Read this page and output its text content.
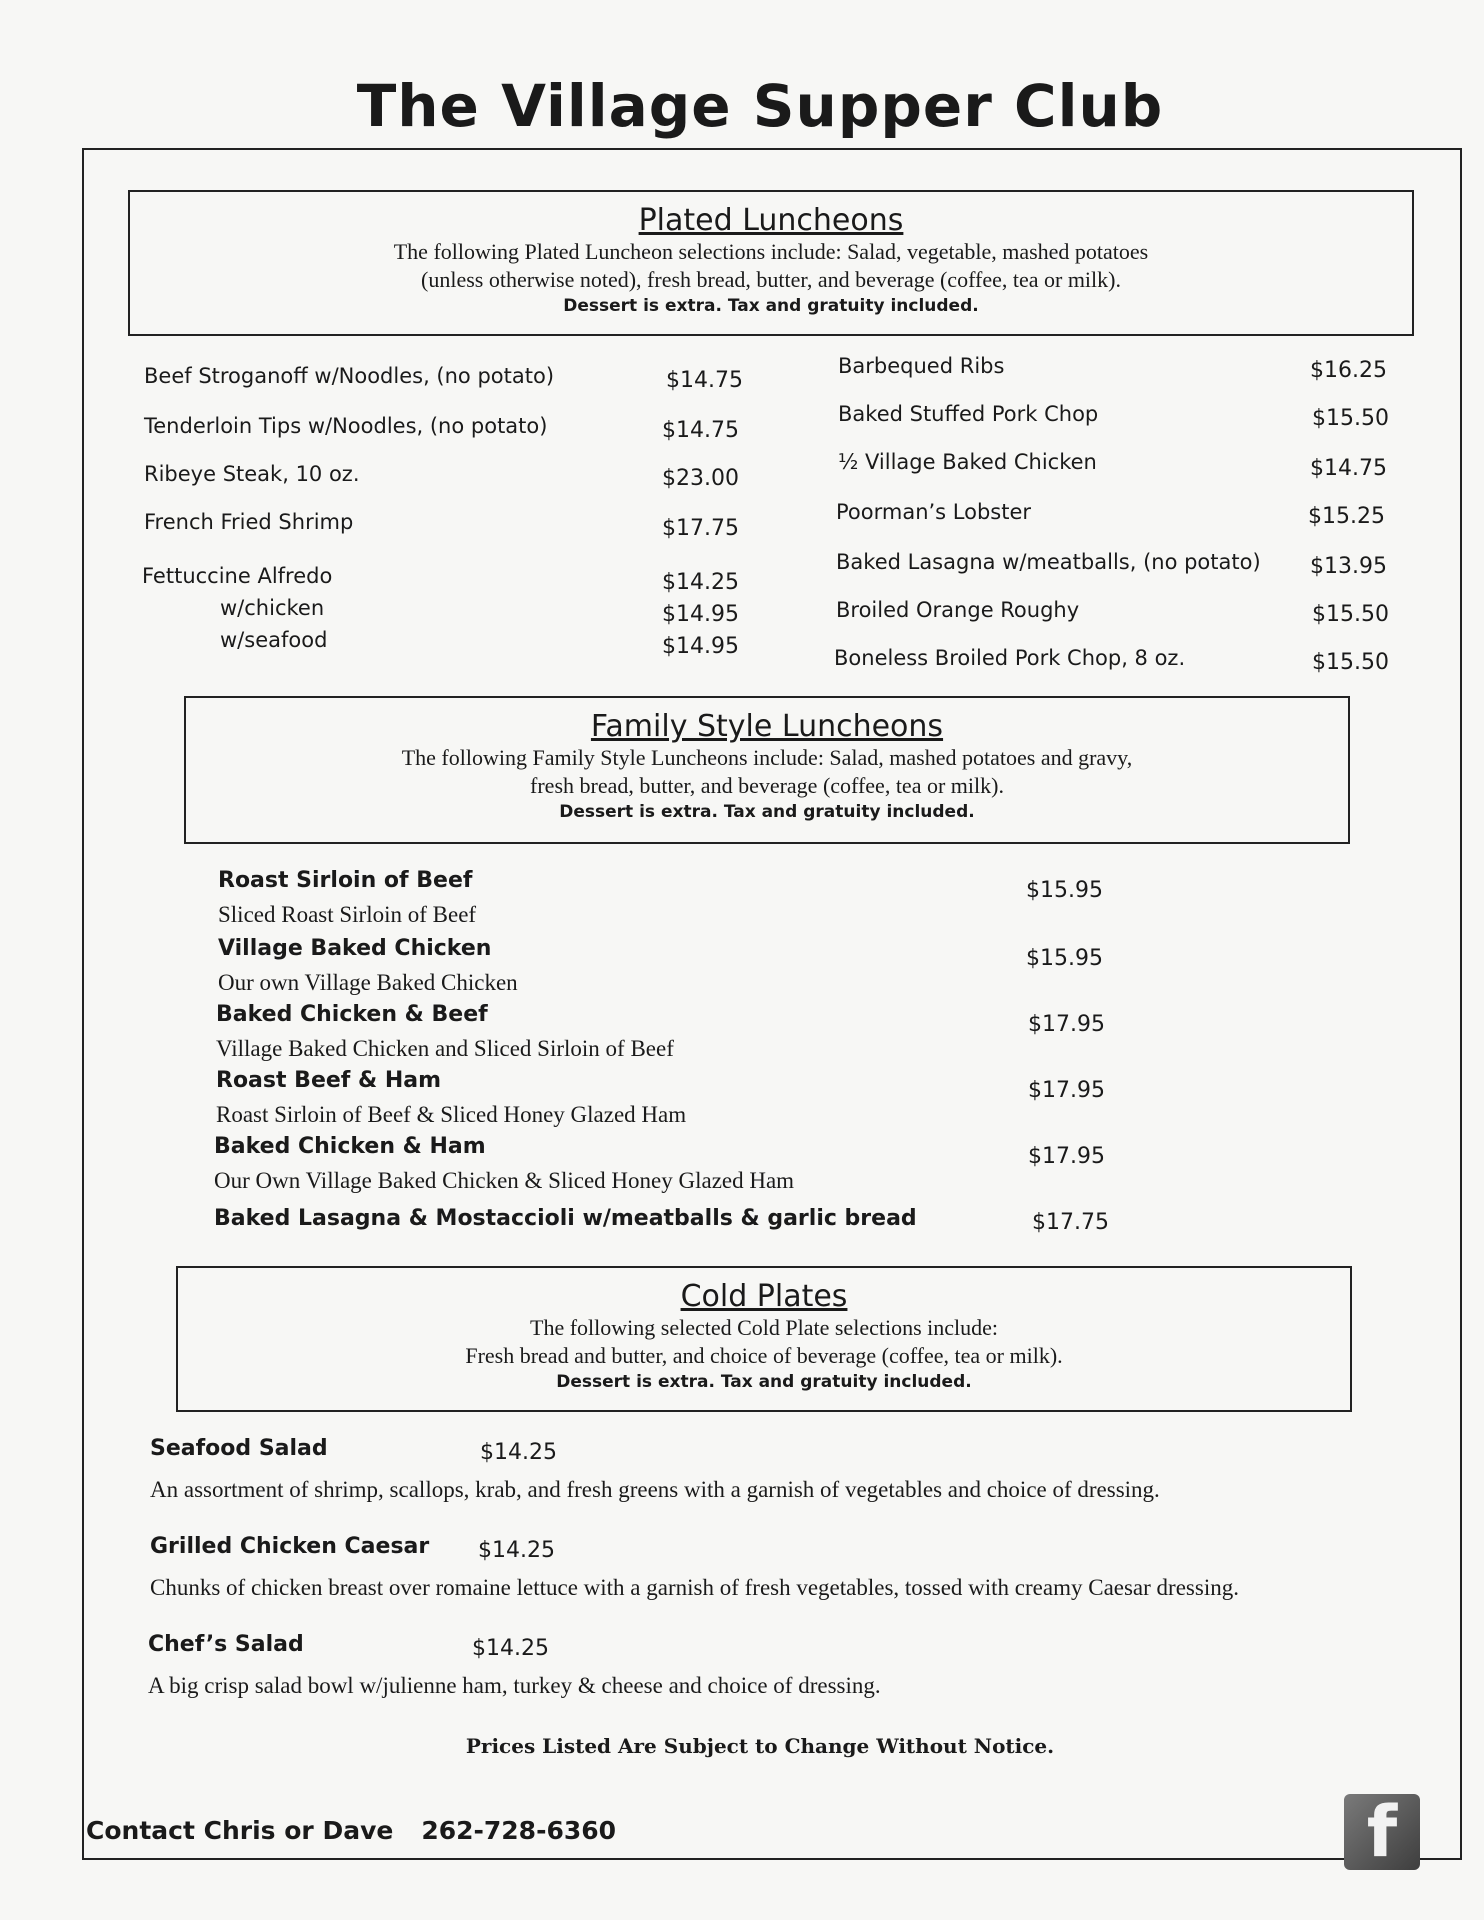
The Village Supper Club
Plated Luncheons
The following Plated Luncheon selections include: Salad, vegetable, mashed potatoes
(unless otherwise noted), fresh bread, butter, and beverage (coffee, tea or milk).
Dessert is extra. Tax and gratuity included.
Beef Stroganoff w/Noodles, (no potato)	$14.75
Tenderloin Tips w/Noodles, (no potato)	$14.75
Ribeye Steak, 10 oz.	$23.00
French Fried Shrimp	$17.75
Fettuccine Alfredo	$14.25
w/chicken	$14.95
w/seafood	$14.95
Barbequed Ribs	$16.25
Baked Stuffed Pork Chop	$15.50
½ Village Baked Chicken	$14.75
Poorman’s Lobster	$15.25
Baked Lasagna w/meatballs, (no potato) $13.95
Broiled Orange Roughy	$15.50
Boneless Broiled Pork Chop, 8 oz.	$15.50
Family Style Luncheons
The following Family Style Luncheons include: Salad, mashed potatoes and gravy,
fresh bread, butter, and beverage (coffee, tea or milk).
Dessert is extra. Tax and gratuity included.
Roast Sirloin of Beef
Sliced Roast Sirloin of Beef
$15.95
Village Baked Chicken
Our own Village Baked Chicken
$15.95
Baked Chicken & Beef
Village Baked Chicken and Sliced Sirloin of Beef
$17.95
Roast Beef & Ham
Roast Sirloin of Beef & Sliced Honey Glazed Ham
$17.95
Baked Chicken & Ham
Our Own Village Baked Chicken & Sliced Honey Glazed Ham
$17.95
Baked Lasagna & Mostaccioli w/meatballs & garlic bread	$17.75
Cold Plates
The following selected Cold Plate selections include:
Fresh bread and butter, and choice of beverage (coffee, tea or milk).
Dessert is extra. Tax and gratuity included.
Seafood Salad	$14.25
An assortment of shrimp, scallops, krab, and fresh greens with a garnish of vegetables and choice of dressing.
Grilled Chicken Caesar $14.25
Chunks of chicken breast over romaine lettuce with a garnish of fresh vegetables, tossed with creamy Caesar dressing.
Chef’s Salad	$14.25
A big crisp salad bowl w/julienne ham, turkey & cheese and choice of dressing.
Prices Listed Are Subject to Change Without Notice.
Contact Chris or Dave 262-728-6360	f
